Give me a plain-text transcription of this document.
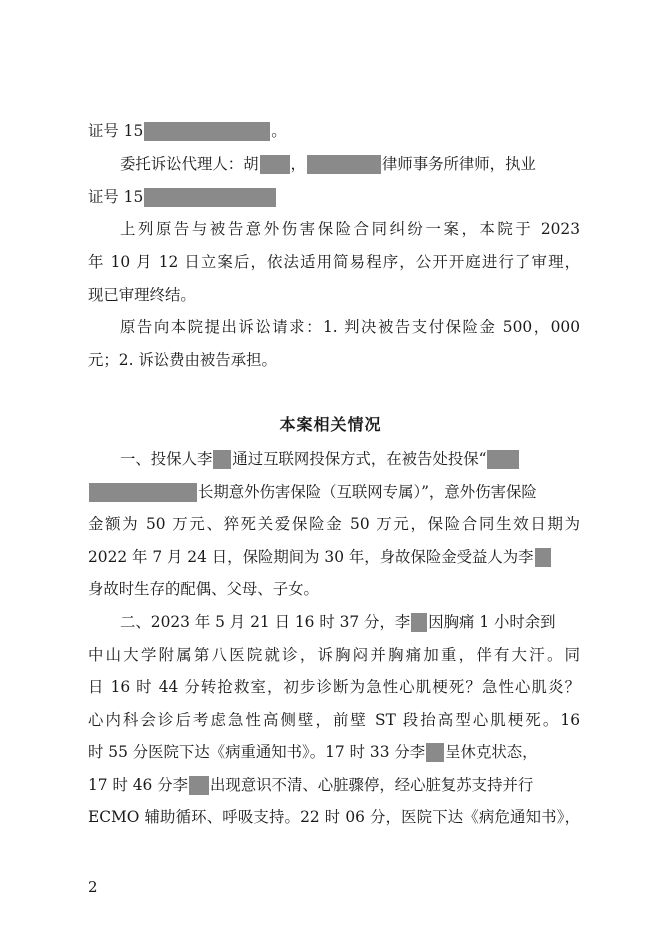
证号 15	。
委托诉讼代理人：胡 ，	律师事务所律师，执业
证号 15
上列原告与被告意外伤害保险合同纠纷一案，本院于 2023
年 10 月 12 日立案后，依法适用简易程序，公开开庭进行了审理，
现已审理终结。
原告向本院提出诉讼请求：1. 判决被告支付保险金 500，000
元；2. 诉讼费由被告承担。
本案相关情况
一、投保人李 通过互联网投保方式，在被告处投保“
长期意外伤害保险（互联网专属）”，意外伤害保险
金额为 50 万元、猝死关爱保险金 50 万元，保险合同生效日期为
2022 年 7 月 24 日，保险期间为 30 年，身故保险金受益人为李
身故时生存的配偶、父母、子女。
二、2023 年 5 月 21 日 16 时 37 分，李 因胸痛 1 小时余到
中山大学附属第八医院就诊，诉胸闷并胸痛加重，伴有大汗。同
日 16 时 44 分转抢救室，初步诊断为急性心肌梗死？急性心肌炎？
心内科会诊后考虑急性高侧壁，前壁 ST 段抬高型心肌梗死。16
时 55 分医院下达《病重通知书》。17 时 33 分李 呈休克状态，
17 时 46 分李 出现意识不清、心脏骤停，经心脏复苏支持并行
ECMO 辅助循环、呼吸支持。22 时 06 分，医院下达《病危通知书》，
2
